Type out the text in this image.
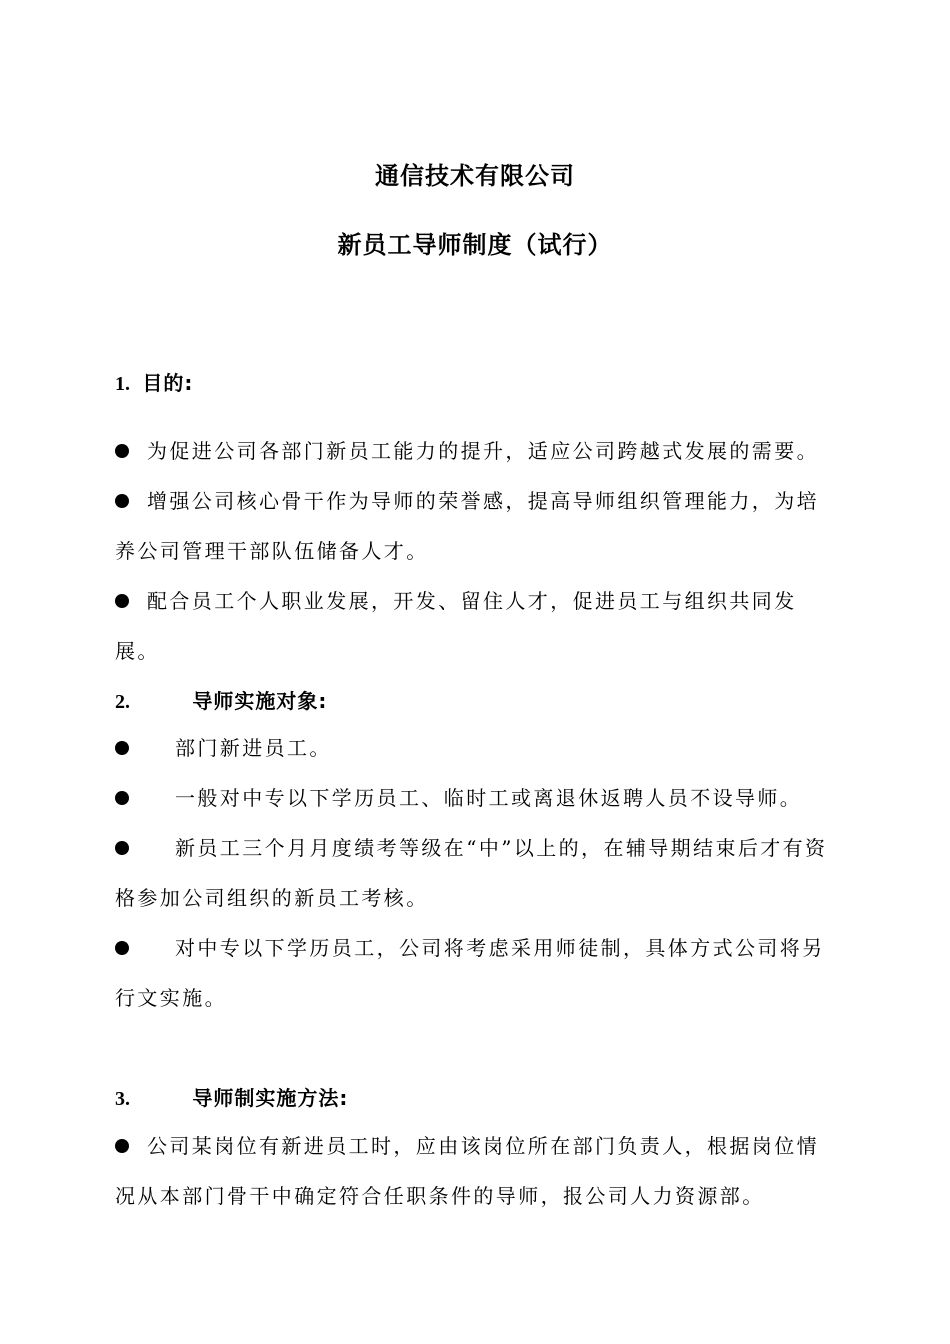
通信技术有限公司
新员工导师制度（试行）
1. 目的:
为促进公司各部门新员工能力的提升，适应公司跨越式发展的需要。
增强公司核心骨干作为导师的荣誉感，提高导师组织管理能力，为培养公司管理干部队伍储备人才。
配合员工个人职业发展，开发、留住人才，促进员工与组织共同发展。
2.	导师实施对象:
部门新进员工。
一般对中专以下学历员工、临时工或离退休返聘人员不设导师。
新员工三个月月度绩考等级在“中”以上的，在辅导期结束后才有资格参加公司组织的新员工考核。
对中专以下学历员工，公司将考虑采用师徒制，具体方式公司将另行文实施。
3.	导师制实施方法:
公司某岗位有新进员工时，应由该岗位所在部门负责人，根据岗位情况从本部门骨干中确定符合任职条件的导师，报公司人力资源部。
